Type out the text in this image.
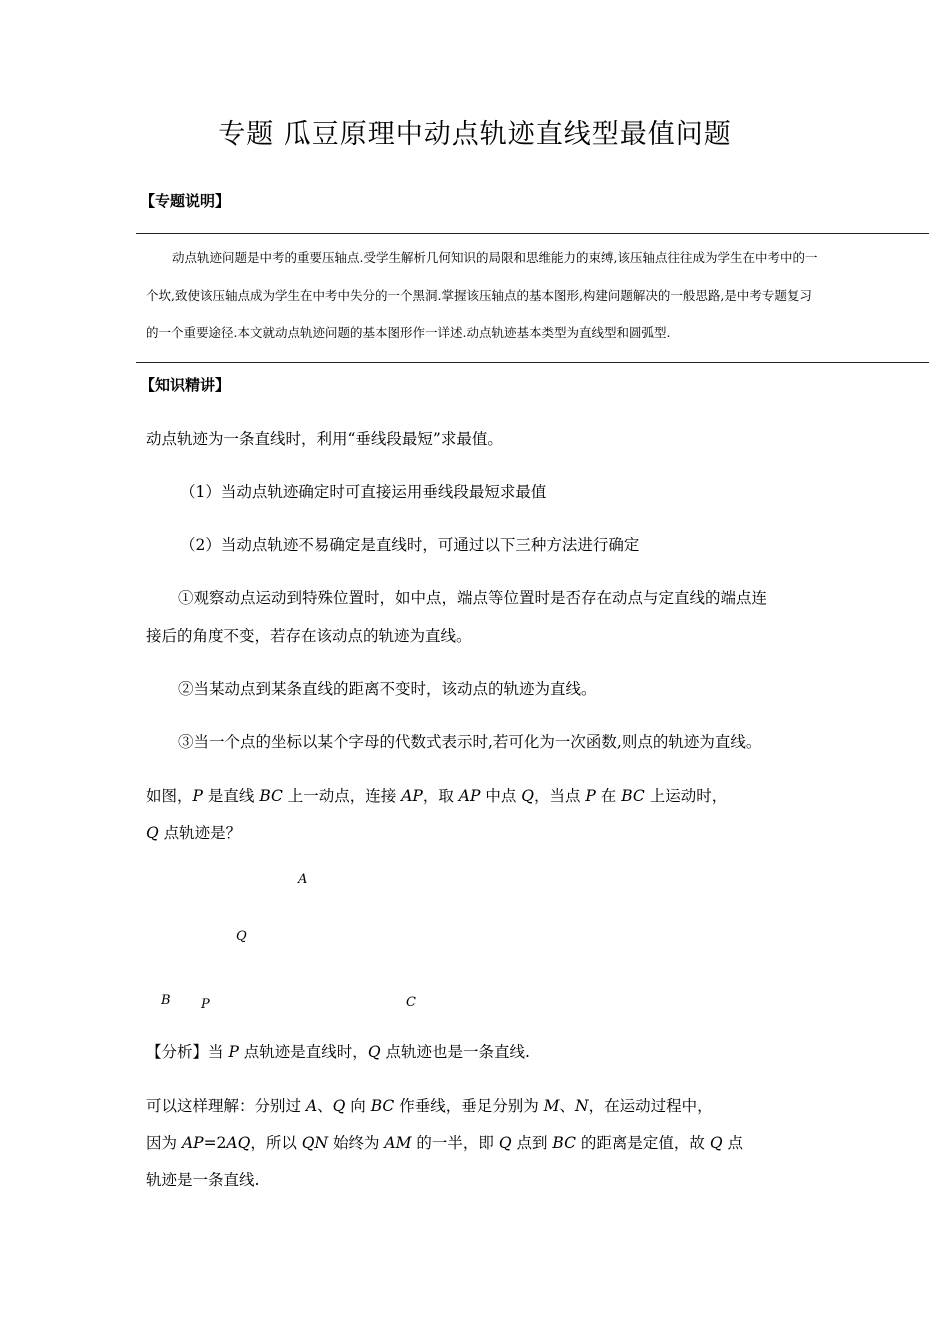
专题 瓜豆原理中动点轨迹直线型最值问题
【专题说明】
动点轨迹问题是中考的重要压轴点.受学生解析几何知识的局限和思维能力的束缚,该压轴点往往成为学生在中考中的一
个坎,致使该压轴点成为学生在中考中失分的一个黑洞.掌握该压轴点的基本图形,构建问题解决的一般思路,是中考专题复习
的一个重要途径.本文就动点轨迹问题的基本图形作一详述.动点轨迹基本类型为直线型和圆弧型.
【知识精讲】
动点轨迹为一条直线时，利用“垂线段最短”求最值。
（1）当动点轨迹确定时可直接运用垂线段最短求最值
（2）当动点轨迹不易确定是直线时，可通过以下三种方法进行确定
①观察动点运动到特殊位置时，如中点，端点等位置时是否存在动点与定直线的端点连
接后的角度不变，若存在该动点的轨迹为直线。
②当某动点到某条直线的距离不变时，该动点的轨迹为直线。
③当一个点的坐标以某个字母的代数式表示时,若可化为一次函数,则点的轨迹为直线。
如图，P 是直线 BC 上一动点，连接 AP，取 AP 中点 Q，当点 P 在 BC 上运动时，
Q 点轨迹是？
A
Q
B P	C
【分析】当 P 点轨迹是直线时，Q 点轨迹也是一条直线.
可以这样理解：分别过 A、Q 向 BC 作垂线，垂足分别为 M、N，在运动过程中，
因为 AP=2AQ，所以 QN 始终为 AM 的一半，即 Q 点到 BC 的距离是定值，故 Q 点
轨迹是一条直线.
